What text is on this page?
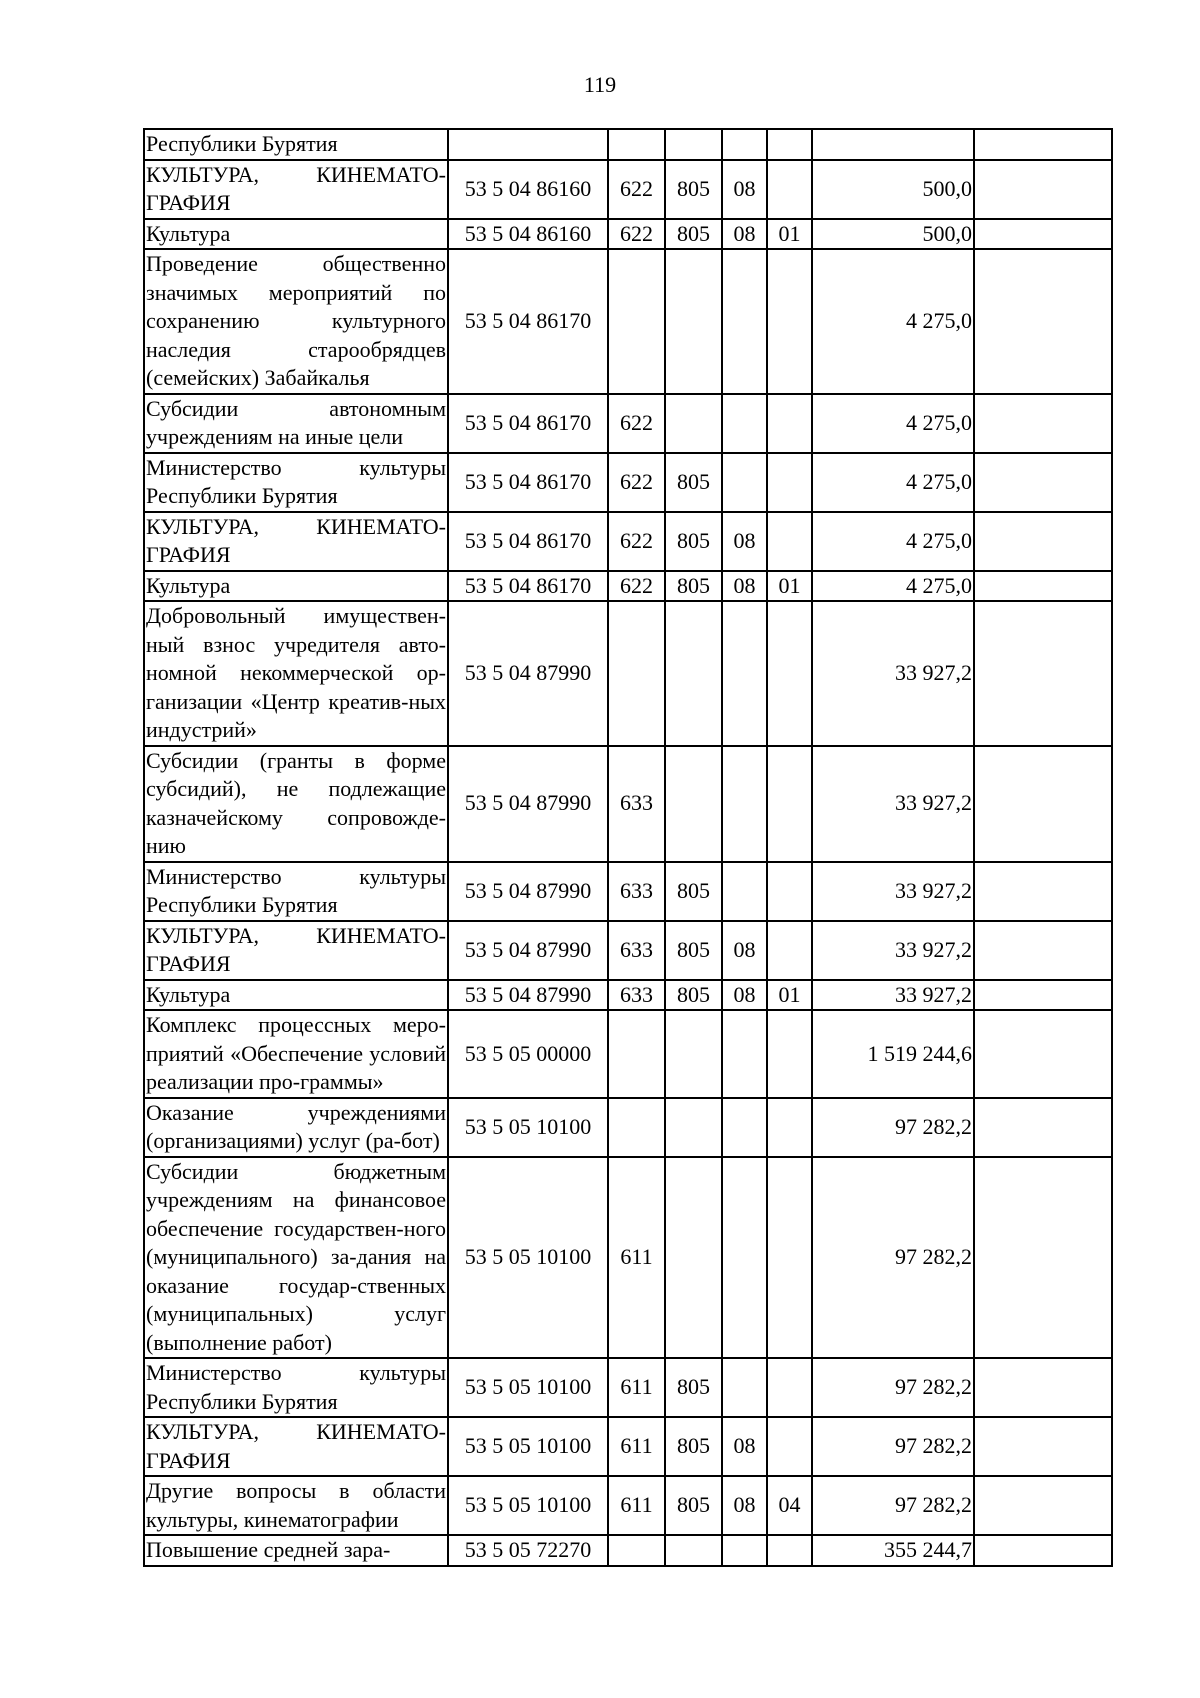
119
Республики Бурятия							
КУЛЬТУРА, КИНЕМАТО-ГРАФИЯ	53 5 04 86160	622	805	08		500,0	
Культура	53 5 04 86160	622	805	08	01	500,0	
Проведение общественно значимых мероприятий по сохранению культурного наследия старообрядцев (семейских) Забайкалья	53 5 04 86170					4 275,0	
Субсидии автономным учреждениям на иные цели	53 5 04 86170	622				4 275,0	
Министерство культуры Республики Бурятия	53 5 04 86170	622	805			4 275,0	
КУЛЬТУРА, КИНЕМАТО-ГРАФИЯ	53 5 04 86170	622	805	08		4 275,0	
Культура	53 5 04 86170	622	805	08	01	4 275,0	
Добровольный имуществен-ный взнос учредителя авто-номной некоммерческой ор-ганизации «Центр креатив-ных индустрий»	53 5 04 87990					33 927,2	
Субсидии (гранты в форме субсидий), не подлежащие казначейскому сопровожде-нию	53 5 04 87990	633				33 927,2	
Министерство культуры Республики Бурятия	53 5 04 87990	633	805			33 927,2	
КУЛЬТУРА, КИНЕМАТО-ГРАФИЯ	53 5 04 87990	633	805	08		33 927,2	
Культура	53 5 04 87990	633	805	08	01	33 927,2	
Комплекс процессных меро-приятий «Обеспечение условий реализации про-граммы»	53 5 05 00000					1 519 244,6	
Оказание учреждениями (организациями) услуг (ра-бот)	53 5 05 10100					97 282,2	
Субсидии бюджетным учреждениям на финансовое обеспечение государствен-ного (муниципального) за-дания на оказание государ-ственных (муниципальных) услуг (выполнение работ)	53 5 05 10100	611				97 282,2	
Министерство культуры Республики Бурятия	53 5 05 10100	611	805			97 282,2	
КУЛЬТУРА, КИНЕМАТО-ГРАФИЯ	53 5 05 10100	611	805	08		97 282,2	
Другие вопросы в области культуры, кинематографии	53 5 05 10100	611	805	08	04	97 282,2	
Повышение средней зара-	53 5 05 72270					355 244,7	
